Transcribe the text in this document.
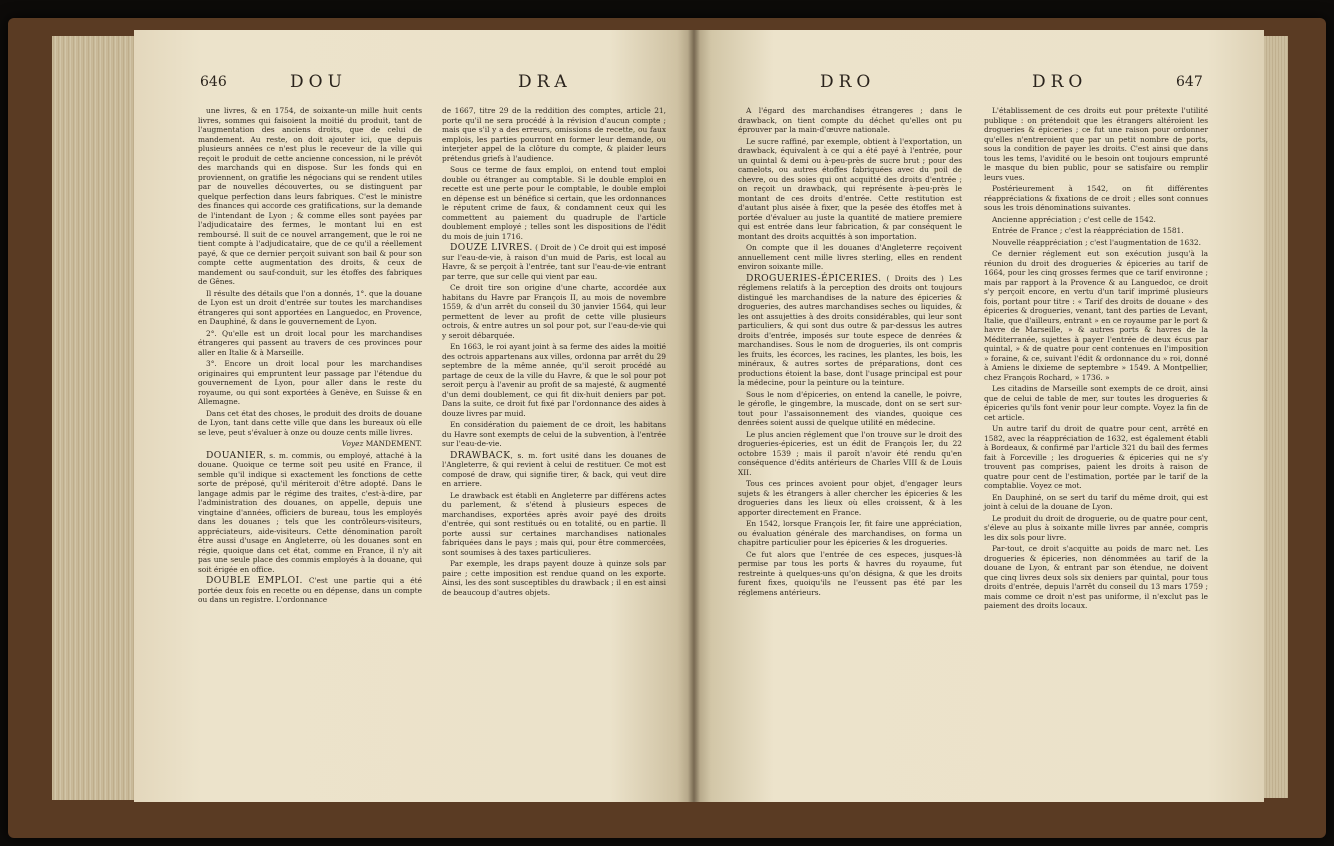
646	DOU	DRA

une livres, & en 1754, de soixante-un mille huit cents livres, sommes qui faisoient la moitié du produit, tant de l'augmentation des anciens droits, que de celui de mandement. Au reste, on doit ajouter ici, que depuis plusieurs années ce n'est plus le receveur de la ville qui reçoit le produit de cette ancienne concession, ni le prévôt des marchands qui en dispose. Sur les fonds qui en proviennent, on gratifie les négocians qui se rendent utiles par de nouvelles découvertes, ou se distinguent par quelque perfection dans leurs fabriques. C'est le ministre des finances qui accorde ces gratifications, sur la demande de l'intendant de Lyon ; & comme elles sont payées par l'adjudicataire des fermes, le montant lui en est remboursé. Il suit de ce nouvel arrangement, que le roi ne tient compte à l'adjudicataire, que de ce qu'il a réellement payé, & que ce dernier perçoit suivant son bail & pour son compte cette augmentation des droits, & ceux de mandement ou sauf-conduit, sur les étoffes des fabriques de Gênes.

Il résulte des détails que l'on a donnés, 1°. que la douane de Lyon est un droit d'entrée sur toutes les marchandises étrangeres qui sont apportées en Languedoc, en Provence, en Dauphiné, & dans le gouvernement de Lyon.

2°. Qu'elle est un droit local pour les marchandises étrangeres qui passent au travers de ces provinces pour aller en Italie & à Marseille.

3°. Encore un droit local pour les marchandises originaires qui empruntent leur passage par l'étendue du gouvernement de Lyon, pour aller dans le reste du royaume, ou qui sont exportées à Genève, en Suisse & en Allemagne.

Dans cet état des choses, le produit des droits de douane de Lyon, tant dans cette ville que dans les bureaux où elle se leve, peut s'évaluer à onze ou douze cents mille livres.

Voyez MANDEMENT.

DOUANIER, s. m. commis, ou employé, attaché à la douane. Quoique ce terme soit peu usité en France, il semble qu'il indique si exactement les fonctions de cette sorte de préposé, qu'il mériteroit d'être adopté. Dans le langage admis par le régime des traites, c'est-à-dire, par l'administration des douanes, on appelle, depuis une vingtaine d'années, officiers de bureau, tous les employés dans les douanes ; tels que les contrôleurs-visiteurs, appréciateurs, aide-visiteurs. Cette dénomination paroît être aussi d'usage en Angleterre, où les douanes sont en régie, quoique dans cet état, comme en France, il n'y ait pas une seule place des commis employés à la douane, qui soit érigée en office.

DOUBLE EMPLOI. C'est une partie qui a été portée deux fois en recette ou en dépense, dans un compte ou dans un registre. L'ordonnance

de 1667, titre 29 de la reddition des comptes, article 21, porte qu'il ne sera procédé à la révision d'aucun compte ; mais que s'il y a des erreurs, omissions de recette, ou faux emplois, les parties pourront en former leur demande, ou interjeter appel de la clôture du compte, & plaider leurs prétendus griefs à l'audience.

Sous ce terme de faux emploi, on entend tout emploi double ou étranger au comptable. Si le double emploi en recette est une perte pour le comptable, le double emploi en dépense est un bénéfice si certain, que les ordonnances le réputent crime de faux, & condamnent ceux qui les commettent au paiement du quadruple de l'article doublement employé ; telles sont les dispositions de l'édit du mois de juin 1716.

DOUZE LIVRES. ( Droit de ) Ce droit qui est imposé sur l'eau-de-vie, à raison d'un muid de Paris, est local au Havre, & se perçoit à l'entrée, tant sur l'eau-de-vie entrant par terre, que sur celle qui vient par eau.

Ce droit tire son origine d'une charte, accordée aux habitans du Havre par François II, au mois de novembre 1559, & d'un arrêt du conseil du 30 janvier 1564, qui leur permettent de lever au profit de cette ville plusieurs octrois, & entre autres un sol pour pot, sur l'eau-de-vie qui y seroit débarquée.

En 1663, le roi ayant joint à sa ferme des aides la moitié des octrois appartenans aux villes, ordonna par arrêt du 29 septembre de la même année, qu'il seroit procédé au partage de ceux de la ville du Havre, & que le sol pour pot seroit perçu à l'avenir au profit de sa majesté, & augmenté d'un demi doublement, ce qui fit dix-huit deniers par pot. Dans la suite, ce droit fut fixé par l'ordonnance des aides à douze livres par muid.

En considération du paiement de ce droit, les habitans du Havre sont exempts de celui de la subvention, à l'entrée sur l'eau-de-vie.

DRAWBACK, s. m. fort usité dans les douanes de l'Angleterre, & qui revient à celui de restituer. Ce mot est composé de draw, qui signifie tirer, & back, qui veut dire en arriere.

Le drawback est établi en Angleterre par différens actes du parlement, & s'étend à plusieurs especes de marchandises, exportées après avoir payé des droits d'entrée, qui sont restitués ou en totalité, ou en partie. Il porte aussi sur certaines marchandises nationales fabriquées dans le pays ; mais qui, pour être commercées, sont soumises à des taxes particulieres.

Par exemple, les draps payent douze à quinze sols par paire ; cette imposition est rendue quand on les exporte. Ainsi, les des sont susceptibles du drawback ; il en est ainsi de beaucoup d'autres objets.

DRO	DRO	647

A l'égard des marchandises étrangeres ; dans le drawback, on tient compte du déchet qu'elles ont pu éprouver par la main-d'œuvre nationale.

Le sucre raffiné, par exemple, obtient à l'exportation, un drawback, équivalent à ce qui a été payé à l'entrée, pour un quintal & demi ou à-peu-près de sucre brut ; pour des camelots, ou autres étoffes fabriquées avec du poil de chevre, ou des soies qui ont acquitté des droits d'entrée ; on reçoit un drawback, qui représente à-peu-près le montant de ces droits d'entrée. Cette restitution est d'autant plus aisée à fixer, que la pesée des étoffes met à portée d'évaluer au juste la quantité de matiere premiere qui est entrée dans leur fabrication, & par conséquent le montant des droits acquittés à son importation.

On compte que il les douanes d'Angleterre reçoivent annuellement cent mille livres sterling, elles en rendent environ soixante mille.

DROGUERIES-ÉPICERIES. ( Droits des ) Les réglemens relatifs à la perception des droits ont toujours distingué les marchandises de la nature des épiceries & drogueries, des autres marchandises seches ou liquides, & les ont assujetties à des droits considérables, qui leur sont particuliers, & qui sont dus outre & par-dessus les autres droits d'entrée, imposés sur toute espece de denrées & marchandises. Sous le nom de drogueries, ils ont compris les fruits, les écorces, les racines, les plantes, les bois, les minéraux, & autres sortes de préparations, dont ces productions étoient la base, dont l'usage principal est pour la médecine, pour la peinture ou la teinture.

Sous le nom d'épiceries, on entend la canelle, le poivre, le gérofle, le gingembre, la muscade, dont on se sert sur-tout pour l'assaisonnement des viandes, quoique ces denrées soient aussi de quelque utilité en médecine.

Le plus ancien réglement que l'on trouve sur le droit des drogueries-épiceries, est un édit de François Ier, du 22 octobre 1539 ; mais il paroît n'avoir été rendu qu'en conséquence d'édits antérieurs de Charles VIII & de Louis XII.

Tous ces princes avoient pour objet, d'engager leurs sujets & les étrangers à aller chercher les épiceries & les drogueries dans les lieux où elles croissent, & à les apporter directement en France.

En 1542, lorsque François Ier, fit faire une appréciation, ou évaluation générale des marchandises, on forma un chapitre particulier pour les épiceries & les drogueries.

Ce fut alors que l'entrée de ces especes, jusques-là permise par tous les ports & havres du royaume, fut restreinte à quelques-uns qu'on désigna, & que les droits furent fixes, quoiqu'ils ne l'eussent pas été par les réglemens antérieurs.

L'établissement de ces droits eut pour prétexte l'utilité publique : on prétendoit que les étrangers altéroient les drogueries & épiceries ; ce fut une raison pour ordonner qu'elles n'entreroient que par un petit nombre de ports, sous la condition de payer les droits. C'est ainsi que dans tous les tems, l'avidité ou le besoin ont toujours emprunté le masque du bien public, pour se satisfaire ou remplir leurs vues.

Postérieurement à 1542, on fit différentes réappréciations & fixations de ce droit ; elles sont connues sous les trois dénominations suivantes.

Ancienne appréciation ; c'est celle de 1542.

Entrée de France ; c'est la réappréciation de 1581.

Nouvelle réappréciation ; c'est l'augmentation de 1632.

Ce dernier réglement eut son exécution jusqu'à la réunion du droit des drogueries & épiceries au tarif de 1664, pour les cinq grosses fermes que ce tarif environne ; mais par rapport à la Provence & au Languedoc, ce droit s'y perçoit encore, en vertu d'un tarif imprimé plusieurs fois, portant pour titre : « Tarif des droits de douane » des épiceries & drogueries, venant, tant des parties de Levant, Italie, que d'ailleurs, entrant » en ce royaume par le port & havre de Marseille, » & autres ports & havres de la Méditerranée, sujettes à payer l'entrée de deux écus par quintal, » & de quatre pour cent contenues en l'imposition » foraine, & ce, suivant l'édit & ordonnance du » roi, donné à Amiens le dixieme de septembre » 1549. A Montpellier, chez François Rochard, » 1736. »

Les citadins de Marseille sont exempts de ce droit, ainsi que de celui de table de mer, sur toutes les drogueries & épiceries qu'ils font venir pour leur compte. Voyez la fin de cet article.

Un autre tarif du droit de quatre pour cent, arrêté en 1582, avec la réappréciation de 1632, est également établi à Bordeaux, & confirmé par l'article 321 du bail des fermes fait à Forceville ; les drogueries & épiceries qui ne s'y trouvent pas comprises, paient les droits à raison de quatre pour cent de l'estimation, portée par le tarif de la comptablie. Voyez ce mot.

En Dauphiné, on se sert du tarif du même droit, qui est joint à celui de la douane de Lyon.

Le produit du droit de droguerie, ou de quatre pour cent, s'éleve au plus à soixante mille livres par année, compris les dix sols pour livre.

Par-tout, ce droit s'acquitte au poids de marc net. Les drogueries & épiceries, non dénommées au tarif de la douane de Lyon, & entrant par son étendue, ne doivent que cinq livres deux sols six deniers par quintal, pour tous droits d'entrée, depuis l'arrêt du conseil du 13 mars 1759 ; mais comme ce droit n'est pas uniforme, il n'exclut pas le paiement des droits locaux.
